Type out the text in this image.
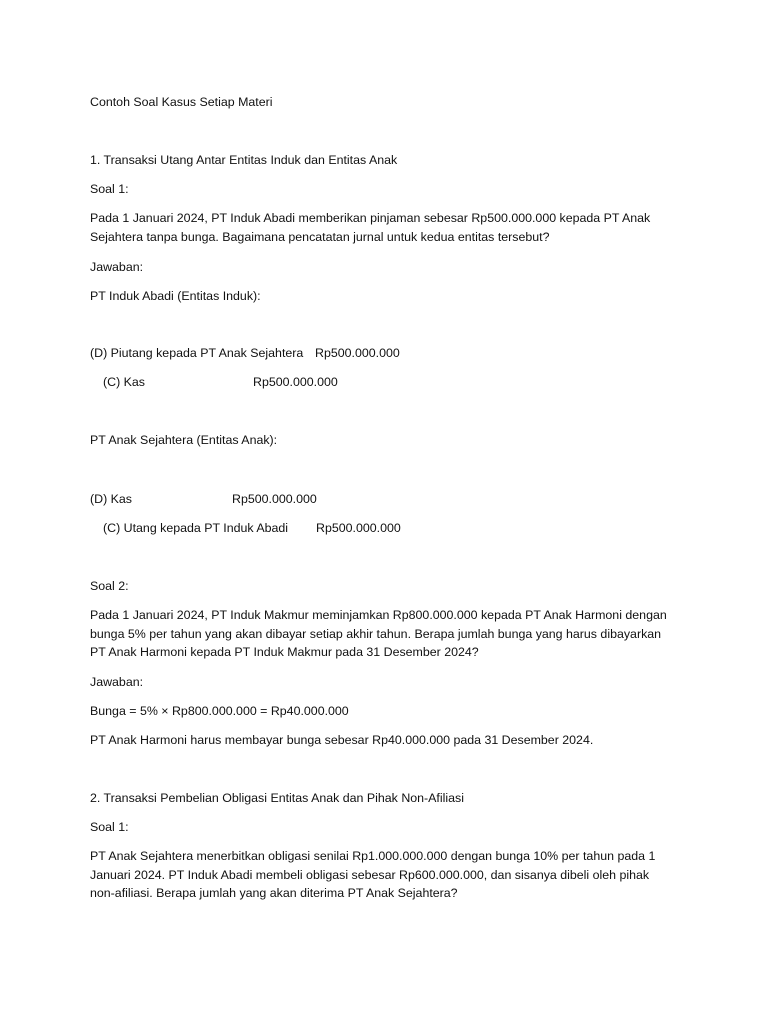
Contoh Soal Kasus Setiap Materi
1. Transaksi Utang Antar Entitas Induk dan Entitas Anak
Soal 1:
Pada 1 Januari 2024, PT Induk Abadi memberikan pinjaman sebesar Rp500.000.000 kepada PT Anak
Sejahtera tanpa bunga. Bagaimana pencatatan jurnal untuk kedua entitas tersebut?
Jawaban:
PT Induk Abadi (Entitas Induk):
(D) Piutang kepada PT Anak Sejahtera Rp500.000.000
(C) Kas	Rp500.000.000
PT Anak Sejahtera (Entitas Anak):
(D) Kas	Rp500.000.000
(C) Utang kepada PT Induk Abadi Rp500.000.000
Soal 2:
Pada 1 Januari 2024, PT Induk Makmur meminjamkan Rp800.000.000 kepada PT Anak Harmoni dengan
bunga 5% per tahun yang akan dibayar setiap akhir tahun. Berapa jumlah bunga yang harus dibayarkan
PT Anak Harmoni kepada PT Induk Makmur pada 31 Desember 2024?
Jawaban:
Bunga = 5% × Rp800.000.000 = Rp40.000.000
PT Anak Harmoni harus membayar bunga sebesar Rp40.000.000 pada 31 Desember 2024.
2. Transaksi Pembelian Obligasi Entitas Anak dan Pihak Non-Afiliasi
Soal 1:
PT Anak Sejahtera menerbitkan obligasi senilai Rp1.000.000.000 dengan bunga 10% per tahun pada 1
Januari 2024. PT Induk Abadi membeli obligasi sebesar Rp600.000.000, dan sisanya dibeli oleh pihak
non-afiliasi. Berapa jumlah yang akan diterima PT Anak Sejahtera?
